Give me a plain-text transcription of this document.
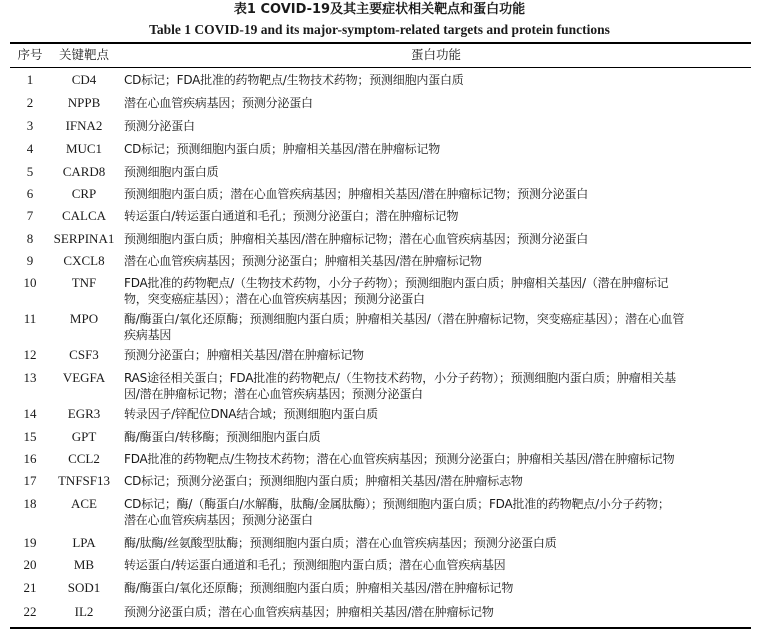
表1 COVID-19及其主要症状相关靶点和蛋白功能
Table 1 COVID-19 and its major-symptom-related targets and protein functions
序号	关键靶点	蛋白功能
1	CD4	CD标记；FDA批准的药物靶点/生物技术药物；预测细胞内蛋白质
2	NPPB	潜在心血管疾病基因；预测分泌蛋白
3	IFNA2	预测分泌蛋白
4	MUC1	CD标记；预测细胞内蛋白质；肿瘤相关基因/潜在肿瘤标记物
5	CARD8	预测细胞内蛋白质
6	CRP	预测细胞内蛋白质；潜在心血管疾病基因；肿瘤相关基因/潜在肿瘤标记物；预测分泌蛋白
7	CALCA	转运蛋白/转运蛋白通道和毛孔；预测分泌蛋白；潜在肿瘤标记物
8	SERPINA1 预测细胞内蛋白质；肿瘤相关基因/潜在肿瘤标记物；潜在心血管疾病基因；预测分泌蛋白
9	CXCL8	潜在心血管疾病基因；预测分泌蛋白；肿瘤相关基因/潜在肿瘤标记物
10	TNF	FDA批准的药物靶点/（生物技术药物，小分子药物）；预测细胞内蛋白质；肿瘤相关基因/（潜在肿瘤标记
物，突变癌症基因）；潜在心血管疾病基因；预测分泌蛋白
11	MPO	酶/酶蛋白/氧化还原酶；预测细胞内蛋白质；肿瘤相关基因/（潜在肿瘤标记物，突变癌症基因）；潜在心血管
疾病基因
12	CSF3	预测分泌蛋白；肿瘤相关基因/潜在肿瘤标记物
13	VEGFA	RAS途径相关蛋白；FDA批准的药物靶点/（生物技术药物，小分子药物）；预测细胞内蛋白质；肿瘤相关基
因/潜在肿瘤标记物；潜在心血管疾病基因；预测分泌蛋白
14	EGR3	转录因子/锌配位DNA结合域；预测细胞内蛋白质
15	GPT	酶/酶蛋白/转移酶；预测细胞内蛋白质
16	CCL2	FDA批准的药物靶点/生物技术药物；潜在心血管疾病基因；预测分泌蛋白；肿瘤相关基因/潜在肿瘤标记物
17	TNFSF13	CD标记；预测分泌蛋白；预测细胞内蛋白质；肿瘤相关基因/潜在肿瘤标志物
18	ACE	CD标记；酶/（酶蛋白/水解酶，肽酶/金属肽酶）；预测细胞内蛋白质；FDA批准的药物靶点/小分子药物；
潜在心血管疾病基因；预测分泌蛋白
19	LPA	酶/肽酶/丝氨酸型肽酶；预测细胞内蛋白质；潜在心血管疾病基因；预测分泌蛋白质
20	MB	转运蛋白/转运蛋白通道和毛孔；预测细胞内蛋白质；潜在心血管疾病基因
21	SOD1	酶/酶蛋白/氧化还原酶；预测细胞内蛋白质；肿瘤相关基因/潜在肿瘤标记物
22	IL2	预测分泌蛋白质；潜在心血管疾病基因；肿瘤相关基因/潜在肿瘤标记物
